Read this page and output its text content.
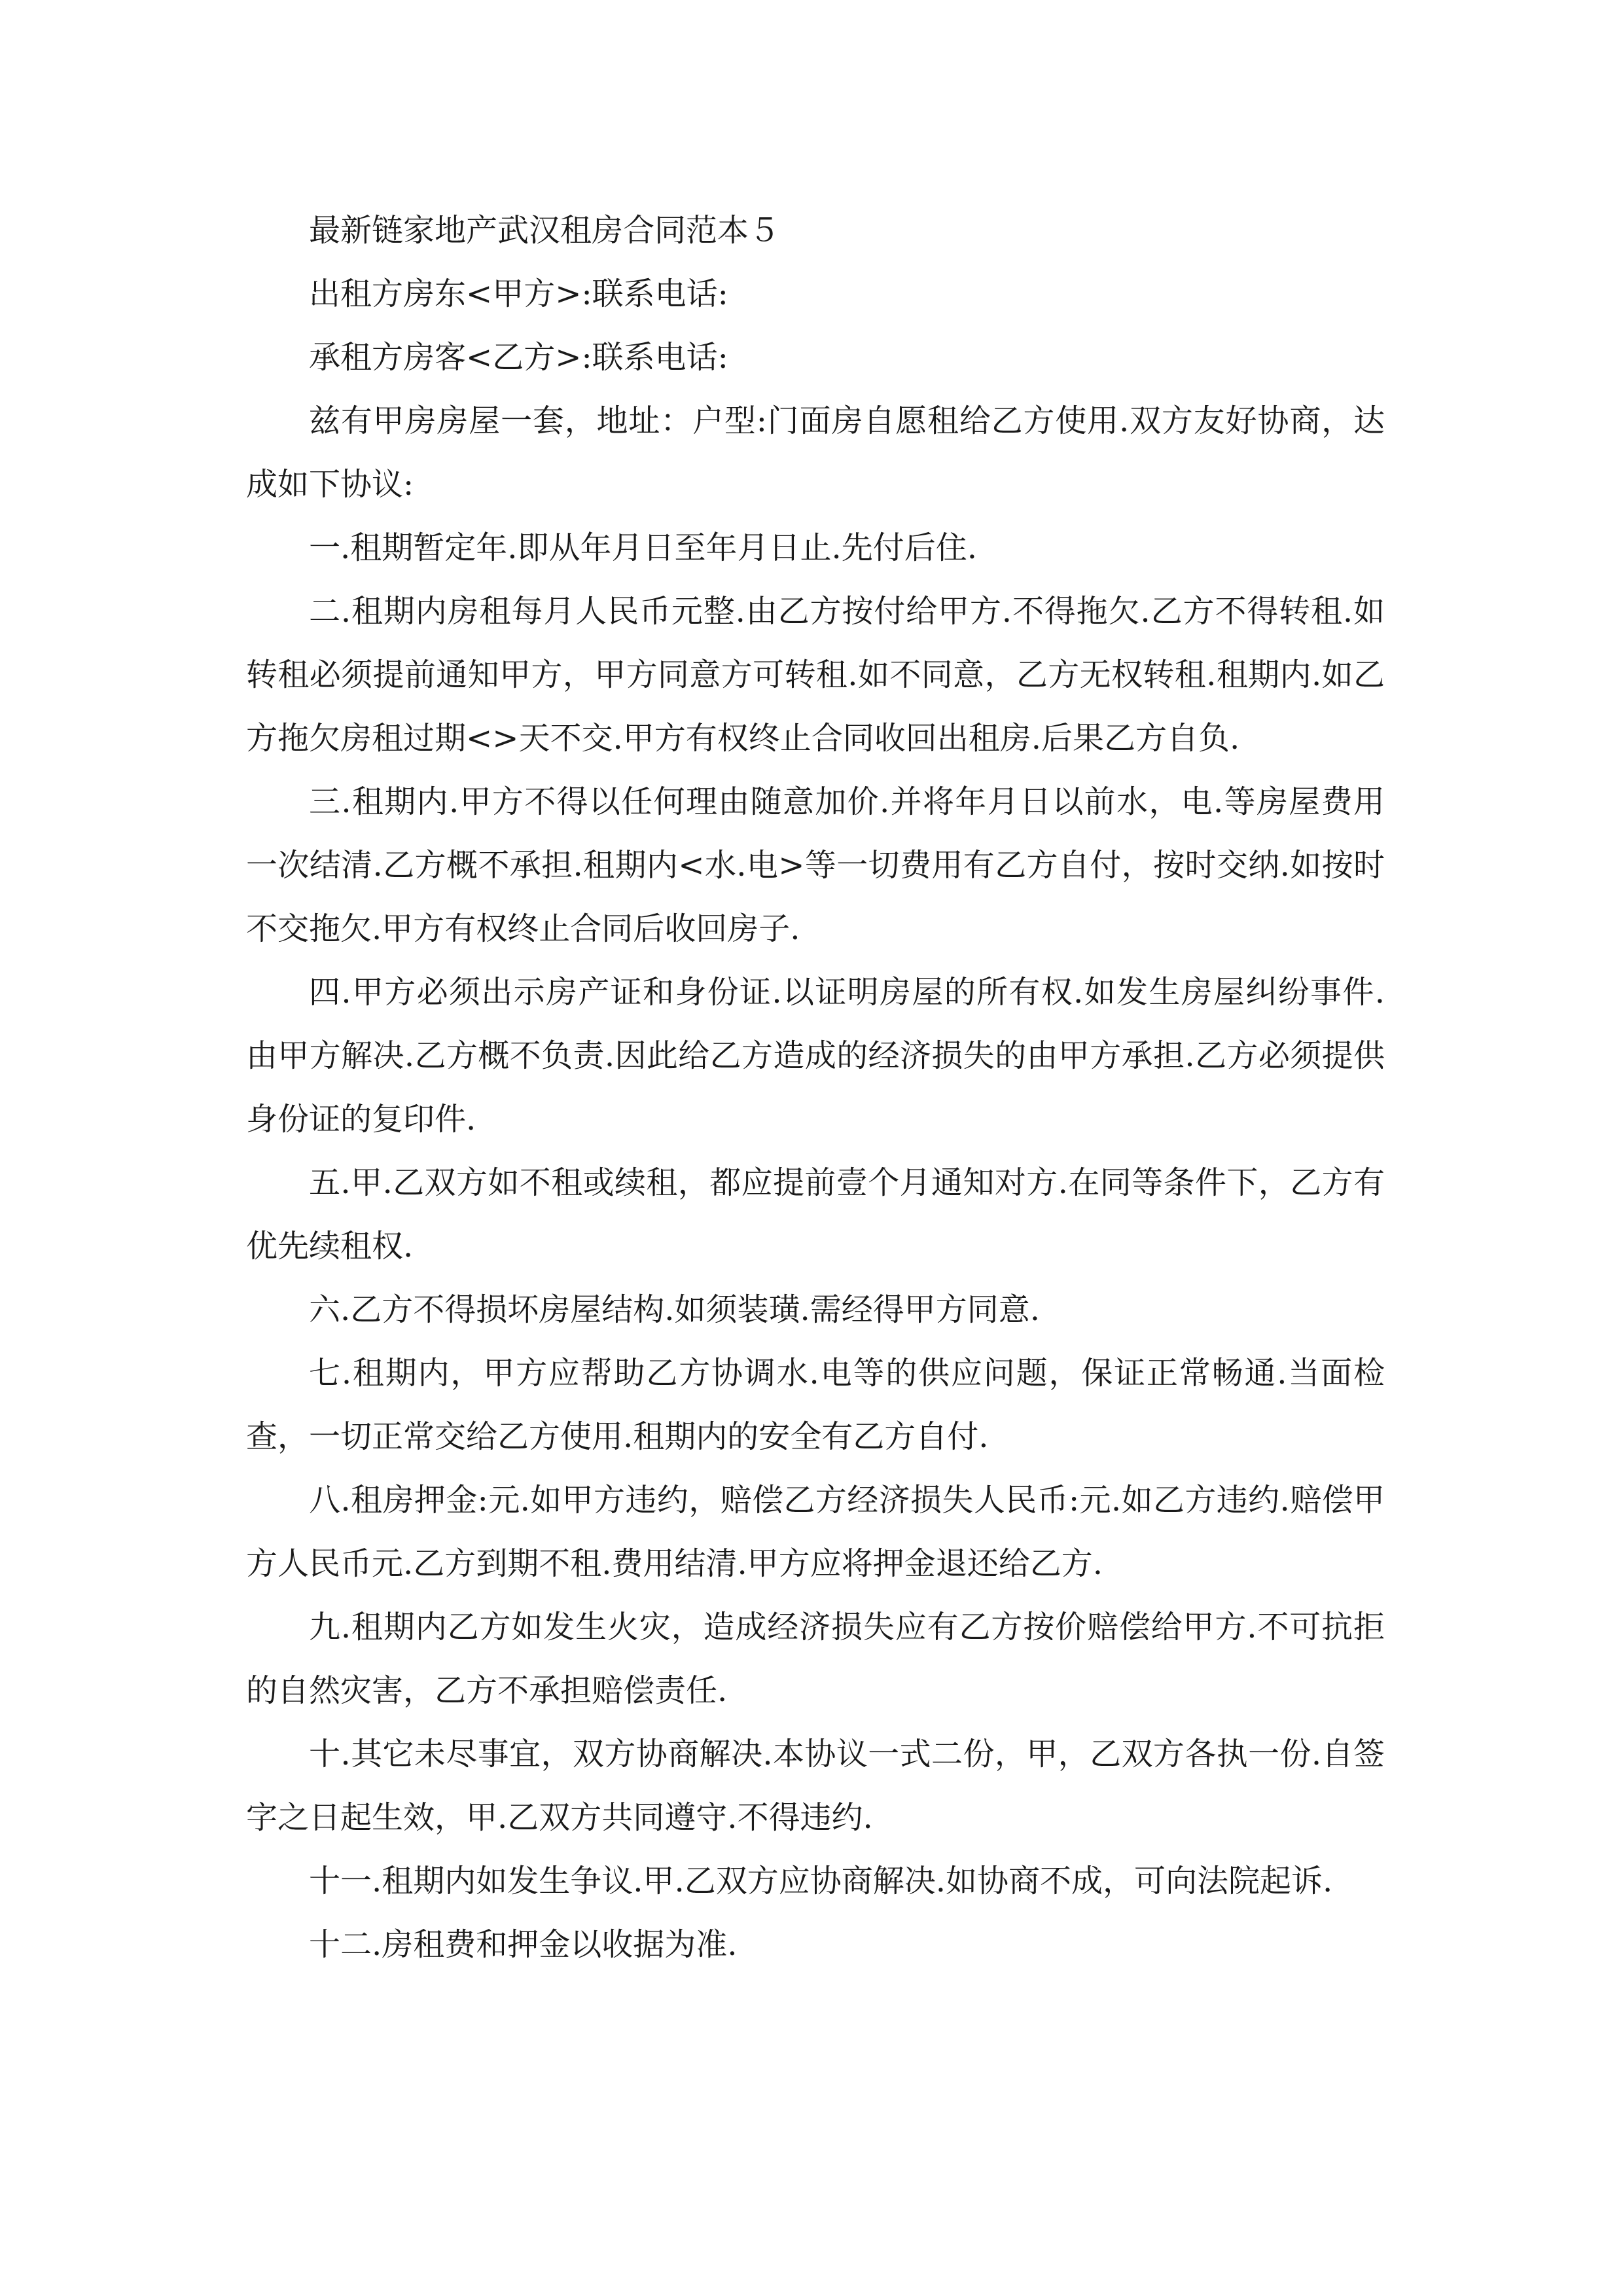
最新链家地产武汉租房合同范本５

出租方房东<甲方>:联系电话:

承租方房客<乙方>:联系电话:

兹有甲房房屋一套，地址：户型:门面房自愿租给乙方使用.双方友好协商，达成如下协议:

一.租期暂定年.即从年月日至年月日止.先付后住.

二.租期内房租每月人民币元整.由乙方按付给甲方.不得拖欠.乙方不得转租.如转租必须提前通知甲方，甲方同意方可转租.如不同意，乙方无权转租.租期内.如乙方拖欠房租过期<>天不交.甲方有权终止合同收回出租房.后果乙方自负.

三.租期内.甲方不得以任何理由随意加价.并将年月日以前水，电.等房屋费用一次结清.乙方概不承担.租期内<水.电>等一切费用有乙方自付，按时交纳.如按时不交拖欠.甲方有权终止合同后收回房子.

四.甲方必须出示房产证和身份证.以证明房屋的所有权.如发生房屋纠纷事件.由甲方解决.乙方概不负责.因此给乙方造成的经济损失的由甲方承担.乙方必须提供身份证的复印件.

五.甲.乙双方如不租或续租，都应提前壹个月通知对方.在同等条件下，乙方有优先续租权.

六.乙方不得损坏房屋结构.如须装璜.需经得甲方同意.

七.租期内，甲方应帮助乙方协调水.电等的供应问题，保证正常畅通.当面检查，一切正常交给乙方使用.租期内的安全有乙方自付.

八.租房押金:元.如甲方违约，赔偿乙方经济损失人民币:元.如乙方违约.赔偿甲方人民币元.乙方到期不租.费用结清.甲方应将押金退还给乙方.

九.租期内乙方如发生火灾，造成经济损失应有乙方按价赔偿给甲方.不可抗拒的自然灾害，乙方不承担赔偿责任.

十.其它未尽事宜，双方协商解决.本协议一式二份，甲，乙双方各执一份.自签字之日起生效，甲.乙双方共同遵守.不得违约.

十一.租期内如发生争议.甲.乙双方应协商解决.如协商不成，可向法院起诉.

十二.房租费和押金以收据为准.
